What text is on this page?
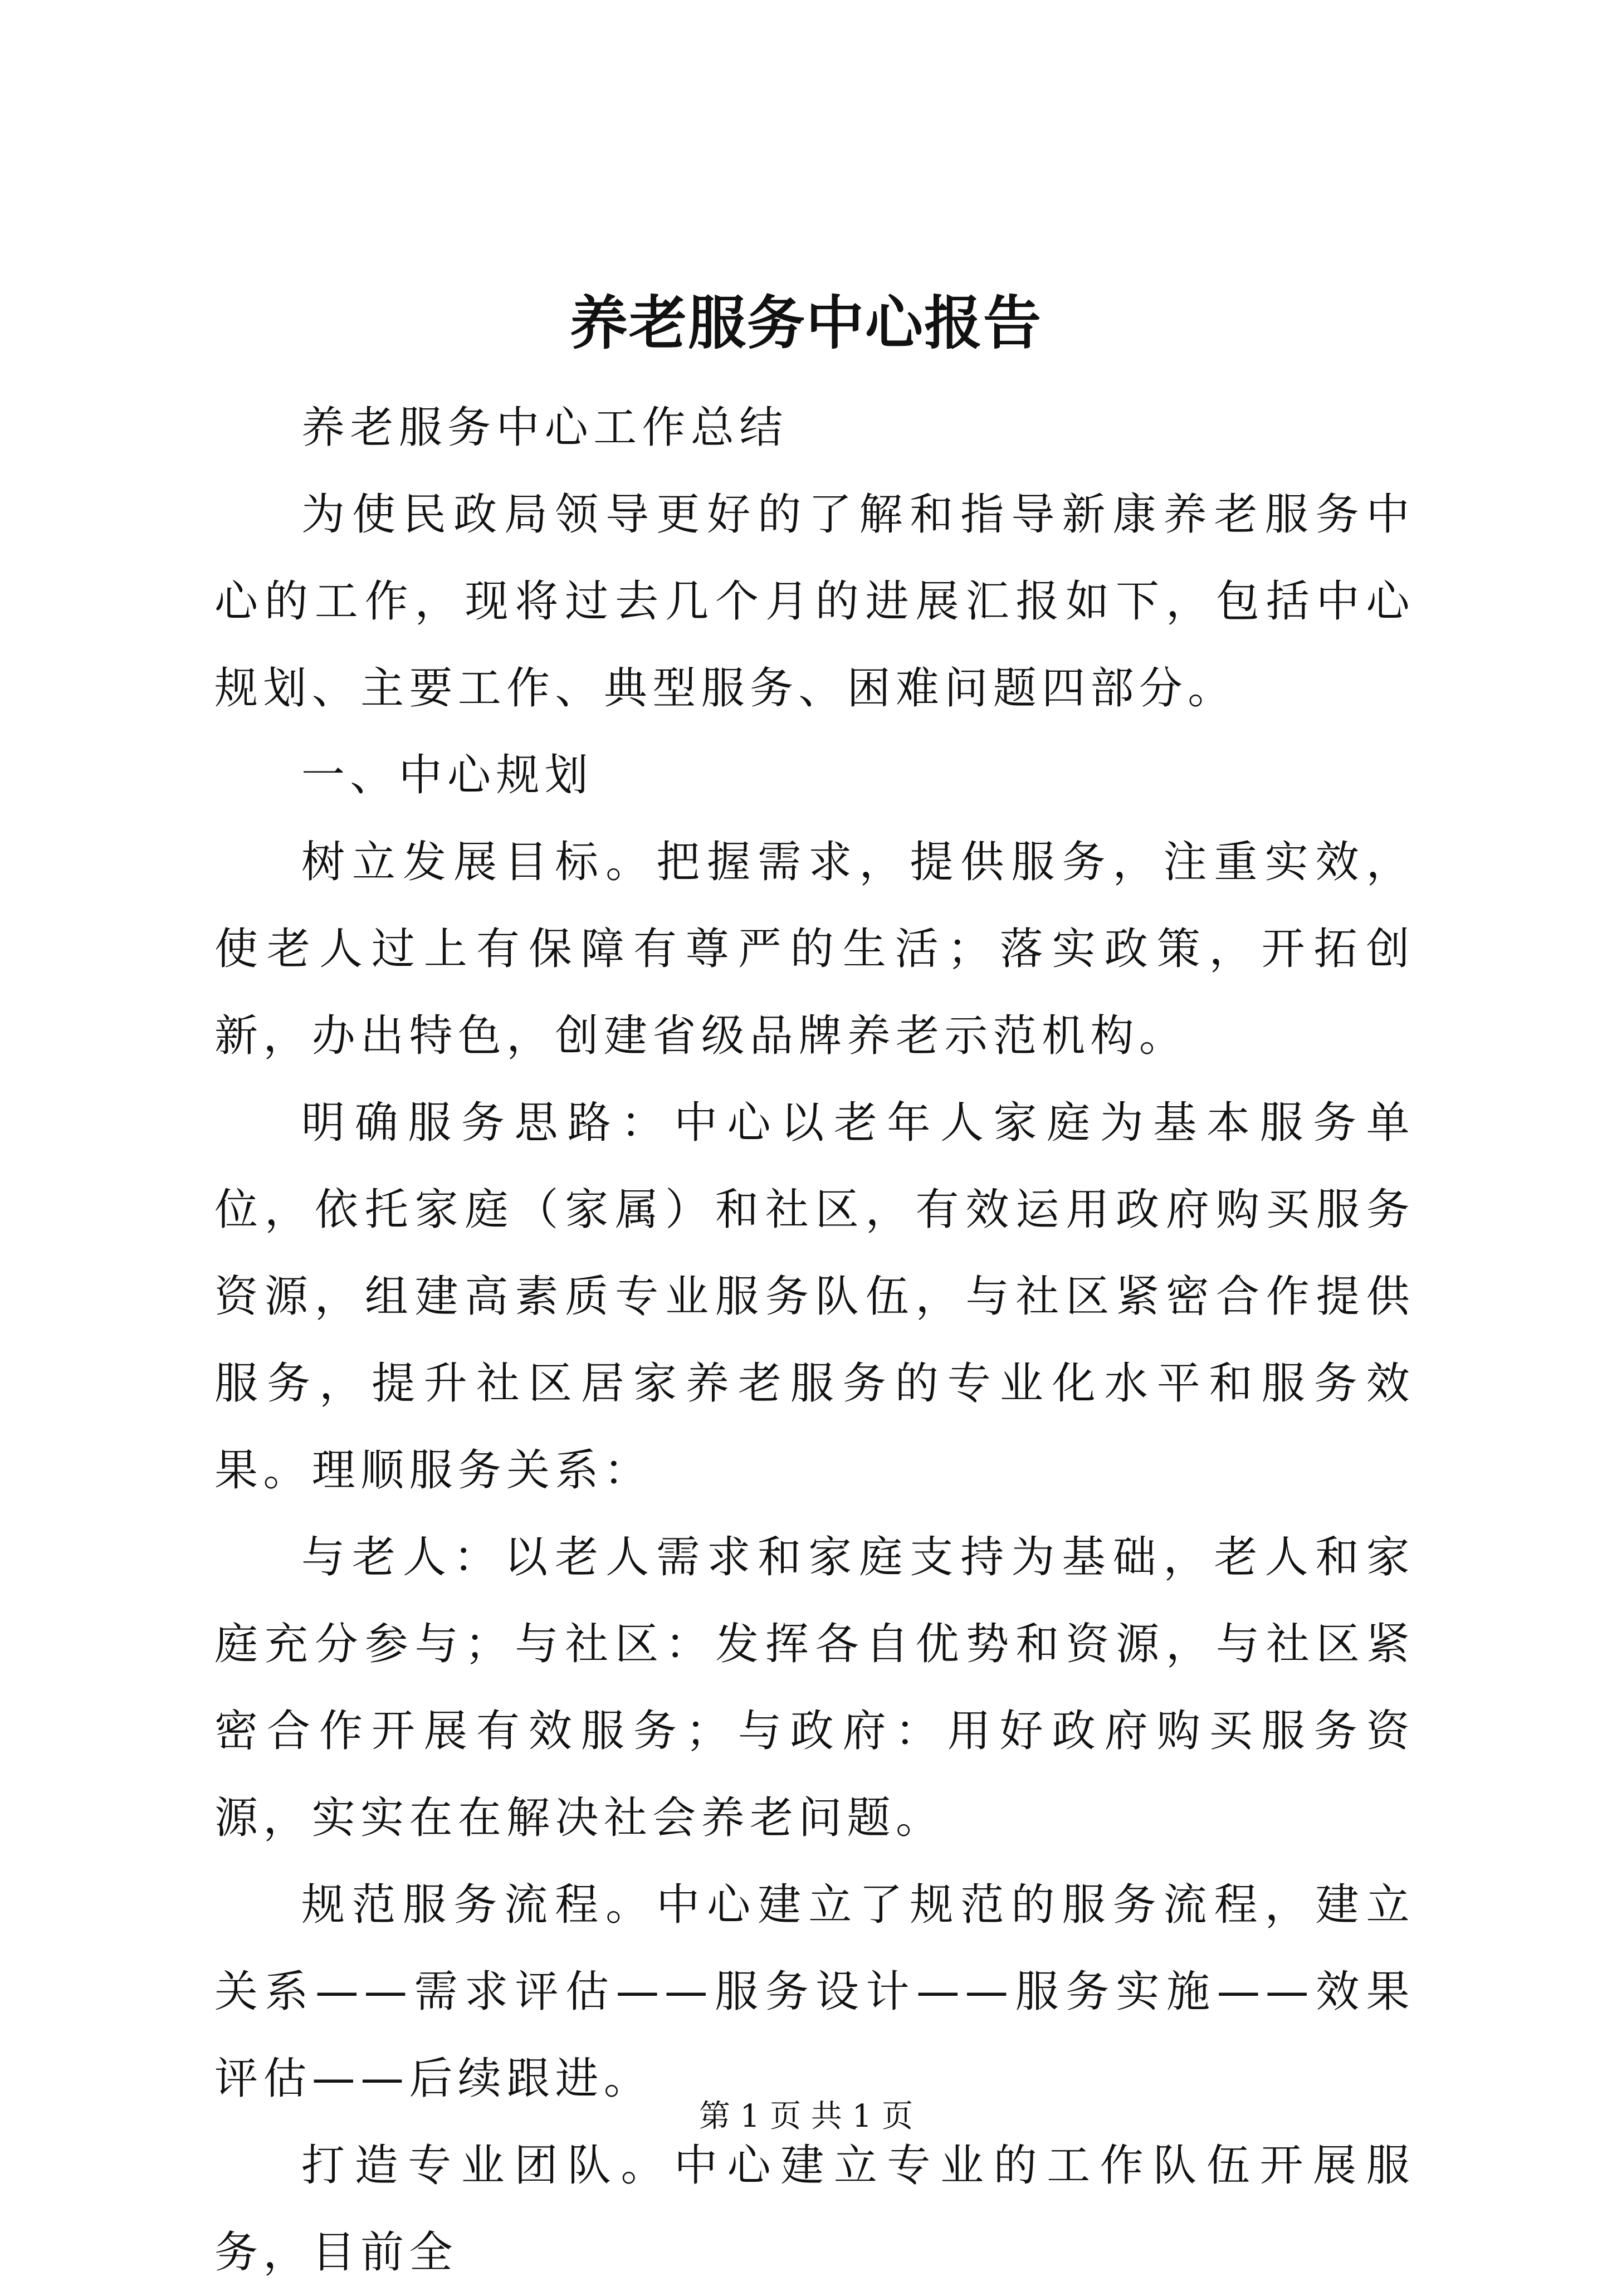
养老服务中心报告

养老服务中心工作总结

为使民政局领导更好的了解和指导新康养老服务中心的工作，现将过去几个月的进展汇报如下，包括中心规划、主要工作、典型服务、困难问题四部分。

一、中心规划

树立发展目标。把握需求，提供服务，注重实效，使老人过上有保障有尊严的生活；落实政策，开拓创新，办出特色，创建省级品牌养老示范机构。

明确服务思路：中心以老年人家庭为基本服务单位，依托家庭（家属）和社区，有效运用政府购买服务资源，组建高素质专业服务队伍，与社区紧密合作提供服务，提升社区居家养老服务的专业化水平和服务效果。理顺服务关系：

与老人：以老人需求和家庭支持为基础，老人和家庭充分参与；与社区：发挥各自优势和资源，与社区紧密合作开展有效服务；与政府：用好政府购买服务资源，实实在在解决社会养老问题。

规范服务流程。中心建立了规范的服务流程，建立关系——需求评估——服务设计——服务实施——效果评估——后续跟进。

打造专业团队。中心建立专业的工作队伍开展服务，目前全

第 1 页 共 1 页
